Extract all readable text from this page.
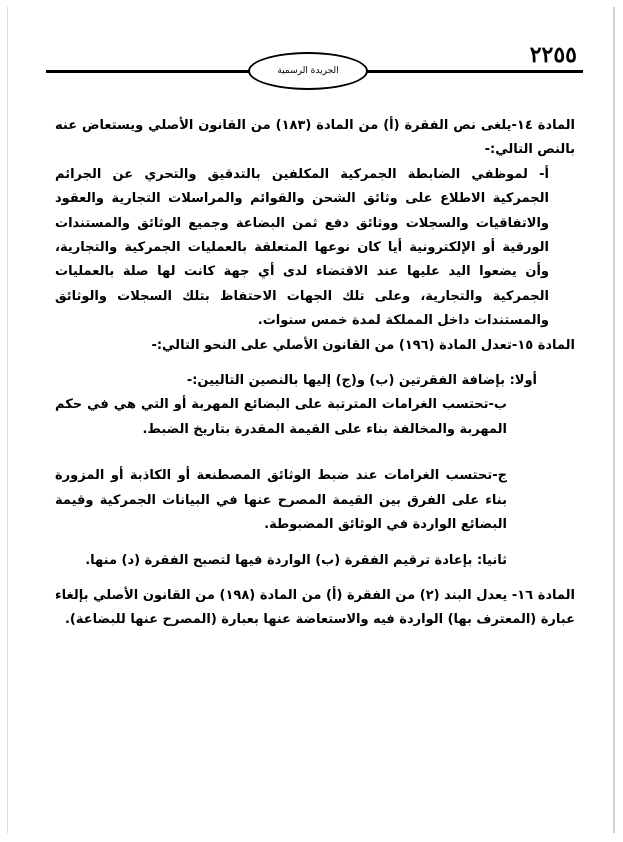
٢٢٥٥
الجريدة الرسمية

المادة ١٤-يلغى نص الفقرة (أ) من المادة (١٨٣) من القانون الأصلي ويستعاض عنه بالنص التالي:-

أ- لموظفي الضابطة الجمركية المكلفين بالتدقيق والتحري عن الجرائم الجمركية الاطلاع على وثائق الشحن والقوائم والمراسلات التجارية والعقود والاتفاقيات والسجلات ووثائق دفع ثمن البضاعة وجميع الوثائق والمستندات الورقية أو الإلكترونية أيا كان نوعها المتعلقة بالعمليات الجمركية والتجارية، وأن يضعوا اليد عليها عند الاقتضاء لدى أي جهة كانت لها صلة بالعمليات الجمركية والتجارية، وعلى تلك الجهات الاحتفاظ بتلك السجلات والوثائق والمستندات داخل المملكة لمدة خمس سنوات.

المادة ١٥-تعدل المادة (١٩٦) من القانون الأصلي على النحو التالي:-

أولا: بإضافة الفقرتين (ب) و(ج) إليها بالنصين التاليين:-

ب-تحتسب الغرامات المترتبة على البضائع المهربة أو التي هي في حكم المهربة والمخالفة بناء على القيمة المقدرة بتاريخ الضبط.

ج-تحتسب الغرامات عند ضبط الوثائق المصطنعة أو الكاذبة أو المزورة بناء على الفرق بين القيمة المصرح عنها في البيانات الجمركية وقيمة البضائع الواردة في الوثائق المضبوطة.

ثانيا: بإعادة ترقيم الفقرة (ب) الواردة فيها لتصبح الفقرة (د) منها.

المادة ١٦- يعدل البند (٢) من الفقرة (أ) من المادة (١٩٨) من القانون الأصلي بإلغاء عبارة (المعترف بها) الواردة فيه والاستعاضة عنها بعبارة (المصرح عنها للبضاعة).
